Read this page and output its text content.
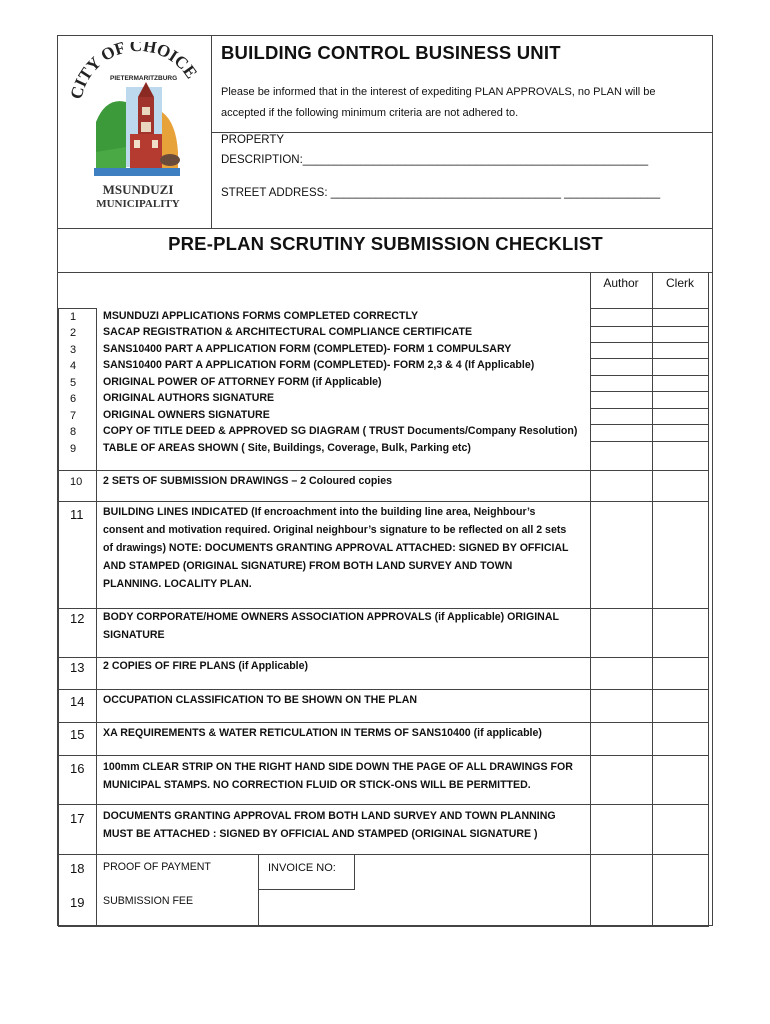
CITY OF CHOICE
PIETERMARITZBURG
MSUNDUZI
MUNICIPALITY
BUILDING CONTROL BUSINESS UNIT
Please be informed that in the interest of expediting PLAN APPROVALS, no PLAN will be accepted if the following minimum criteria are not adhered to.
PROPERTY
DESCRIPTION:______________________________________________________
STREET ADDRESS: ____________________________________ _______________
PRE-PLAN SCRUTINY SUBMISSION CHECKLIST
Author	Clerk
1	MSUNDUZI APPLICATIONS FORMS COMPLETED CORRECTLY
2	SACAP REGISTRATION & ARCHITECTURAL COMPLIANCE CERTIFICATE
3	SANS10400 PART A APPLICATION FORM (COMPLETED)- FORM 1 COMPULSARY
4	SANS10400 PART A APPLICATION FORM (COMPLETED)- FORM 2,3 & 4 (If Applicable)
5	ORIGINAL POWER OF ATTORNEY FORM (if Applicable)
6	ORIGINAL AUTHORS SIGNATURE
7	ORIGINAL OWNERS SIGNATURE
8	COPY OF TITLE DEED & APPROVED SG DIAGRAM ( TRUST Documents/Company Resolution)
9	TABLE OF AREAS SHOWN ( Site, Buildings, Coverage, Bulk, Parking etc)
10 2 SETS OF SUBMISSION DRAWINGS – 2 Coloured copies
11 BUILDING LINES INDICATED (If encroachment into the building line area, Neighbour’s consent and motivation required. Original neighbour’s signature to be reflected on all 2 sets of drawings) NOTE: DOCUMENTS GRANTING APPROVAL ATTACHED: SIGNED BY OFFICIAL AND STAMPED (ORIGINAL SIGNATURE) FROM BOTH LAND SURVEY AND TOWN PLANNING. LOCALITY PLAN.
12 BODY CORPORATE/HOME OWNERS ASSOCIATION APPROVALS (if Applicable) ORIGINAL SIGNATURE
13 2 COPIES OF FIRE PLANS (if Applicable)
14 OCCUPATION CLASSIFICATION TO BE SHOWN ON THE PLAN
15 XA REQUIREMENTS & WATER RETICULATION IN TERMS OF SANS10400 (if applicable)
16 100mm CLEAR STRIP ON THE RIGHT HAND SIDE DOWN THE PAGE OF ALL DRAWINGS FOR MUNICIPAL STAMPS. NO CORRECTION FLUID OR STICK-ONS WILL BE PERMITTED.
17 DOCUMENTS GRANTING APPROVAL FROM BOTH LAND SURVEY AND TOWN PLANNING MUST BE ATTACHED : SIGNED BY OFFICIAL AND STAMPED (ORIGINAL SIGNATURE )
18 PROOF OF PAYMENT	INVOICE NO:
19 SUBMISSION FEE
